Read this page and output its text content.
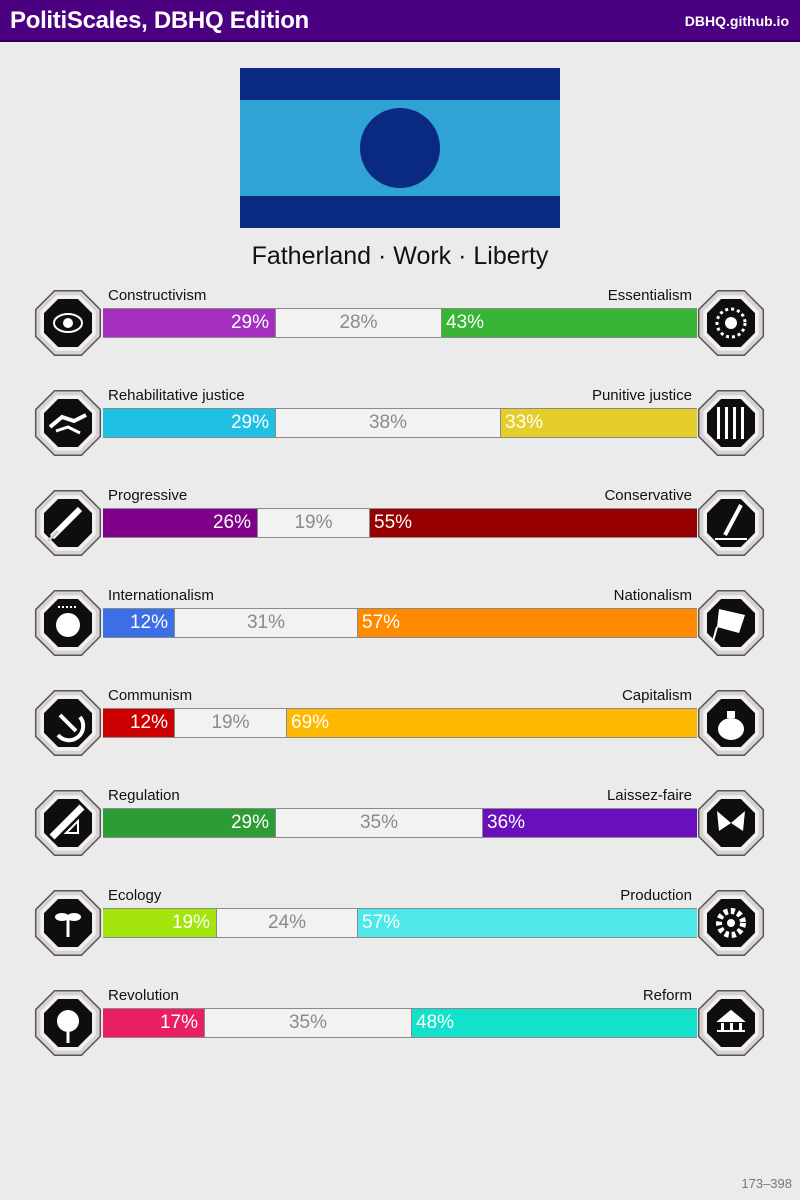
PolitiScales, DBHQ Edition	DBHQ.github.io
Fatherland · Work · Liberty
29%	28%	43%
Constructivism	Essentialism
29%	38%	33%
Rehabilitative justice	Punitive justice
26%	19%	55%
Progressive	Conservative
12%	31%	57%
Internationalism	Nationalism
12%	19%	69%
Communism	Capitalism
29%	35%	36%
Regulation	Laissez-faire
19%	24%	57%
Ecology	Production
17%	35%	48%
Revolution	Reform
173–398
